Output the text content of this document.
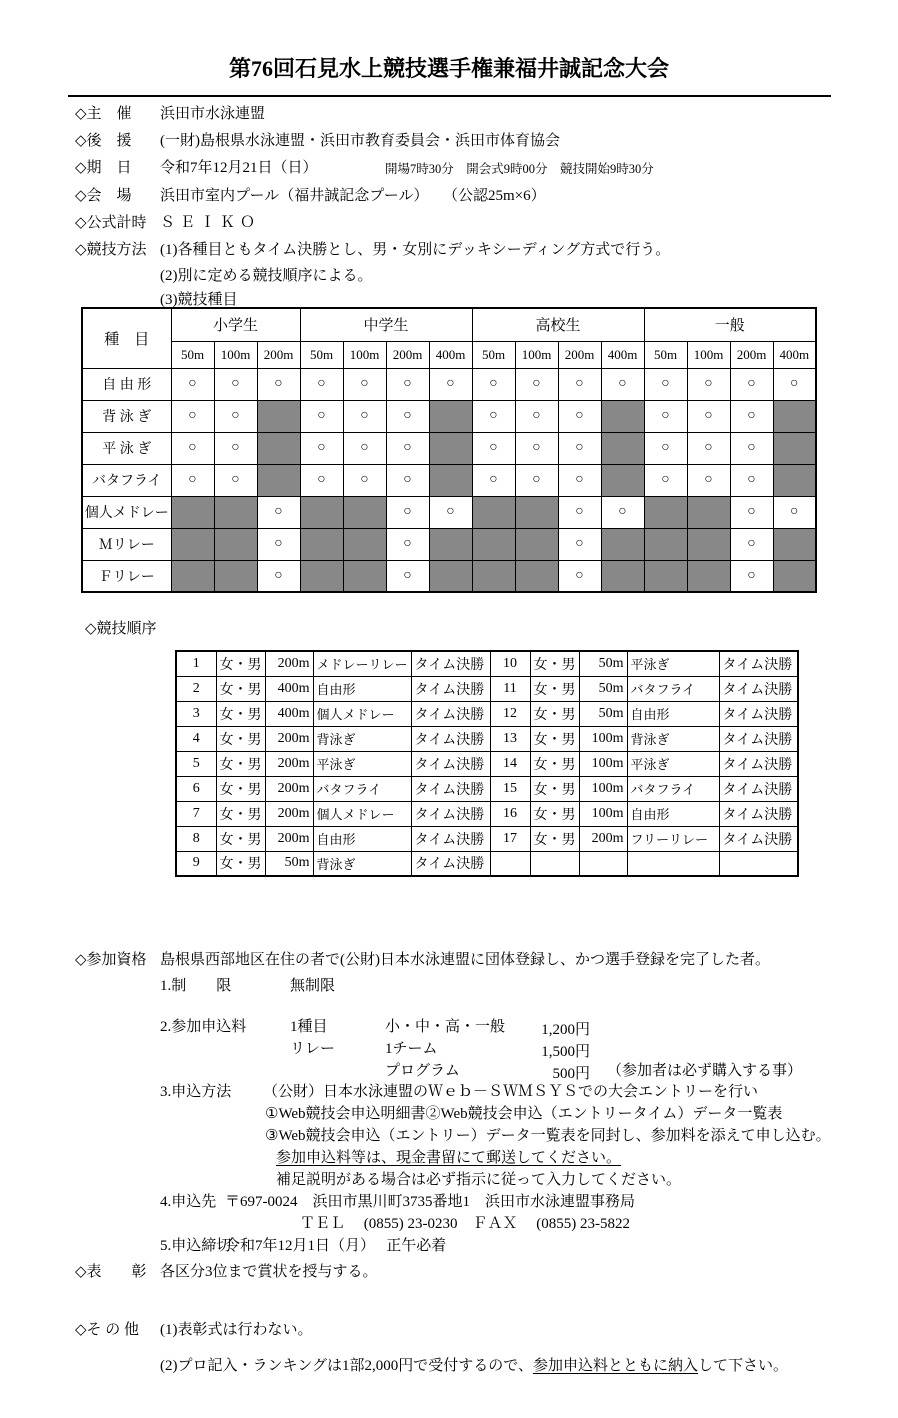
第76回石見水上競技選手権兼福井誠記念大会
◇主　催 浜田市水泳連盟
◇後　援 (一財)島根県水泳連盟・浜田市教育委員会・浜田市体育協会
◇期　日 令和7年12月21日（日）	開場7時30分　開会式9時00分　競技開始9時30分
◇会　場 浜田市室内プール（福井誠記念プール） （公認25m×6）
◇公式計時 ＳＥＩＫＯ
◇競技方法 (1)各種目ともタイム決勝とし、男・女別にデッキシーディング方式で行う。
(2)別に定める競技順序による。
(3)競技種目
種　目	小学生			中学生				高校生				一般			
	50m	100m	200m	50m	100m	200m	400m	50m	100m	200m	400m	50m	100m	200m	400m
自 由 形	○	○	○	○	○	○	○	○	○	○	○	○	○	○	○
背 泳 ぎ	○	○		○	○	○		○	○	○		○	○	○	
平 泳 ぎ	○	○		○	○	○		○	○	○		○	○	○	
バタフライ	○	○		○	○	○		○	○	○		○	○	○	
個人メドレー			○			○	○			○	○			○	○
Ｍリレー			○			○				○				○	
Ｆリレー			○			○				○				○	
◇競技順序
1	女・男	200m	メドレーリレー	タイム決勝	10	女・男	50m	平泳ぎ	タイム決勝
2	女・男	400m	自由形	タイム決勝	11	女・男	50m	バタフライ	タイム決勝
3	女・男	400m	個人メドレー	タイム決勝	12	女・男	50m	自由形	タイム決勝
4	女・男	200m	背泳ぎ	タイム決勝	13	女・男	100m	背泳ぎ	タイム決勝
5	女・男	200m	平泳ぎ	タイム決勝	14	女・男	100m	平泳ぎ	タイム決勝
6	女・男	200m	バタフライ	タイム決勝	15	女・男	100m	バタフライ	タイム決勝
7	女・男	200m	個人メドレー	タイム決勝	16	女・男	100m	自由形	タイム決勝
8	女・男	200m	自由形	タイム決勝	17	女・男	200m	フリーリレー	タイム決勝
9	女・男	50m	背泳ぎ	タイム決勝					
◇参加資格 島根県西部地区在住の者で(公財)日本水泳連盟に団体登録し、かつ選手登録を完了した者。
1.制　　限	無制限
2.参加申込料	1種目	小・中・高・一般	1,200円
リレー	1チーム	1,500円
プログラム	500円 （参加者は必ず購入する事）
3.申込方法 （公財）日本水泳連盟のＷｅｂ－ＳＷＭＳＹＳでの大会エントリーを行い
①Web競技会申込明細書②Web競技会申込（エントリータイム）データ一覧表
③Web競技会申込（エントリー）データ一覧表を同封し、参加料を添えて申し込む。
参加申込料等は、現金書留にて郵送してください。
補足説明がある場合は必ず指示に従って入力してください。
4.申込先 〒697-0024　浜田市黒川町3735番地1　浜田市水泳連盟事務局
ＴＥＬ　 (0855) 23-0230　ＦＡＸ　 (0855) 23-5822
5.申込締切
令和7年12月1日（月）　 正午必着
◇表　　彰 各区分3位まで賞状を授与する。
◇そ の 他 (1)表彰式は行わない。
(2)プロ記入・ランキングは1部2,000円で受付するので、参加申込料とともに納入して下さい。
